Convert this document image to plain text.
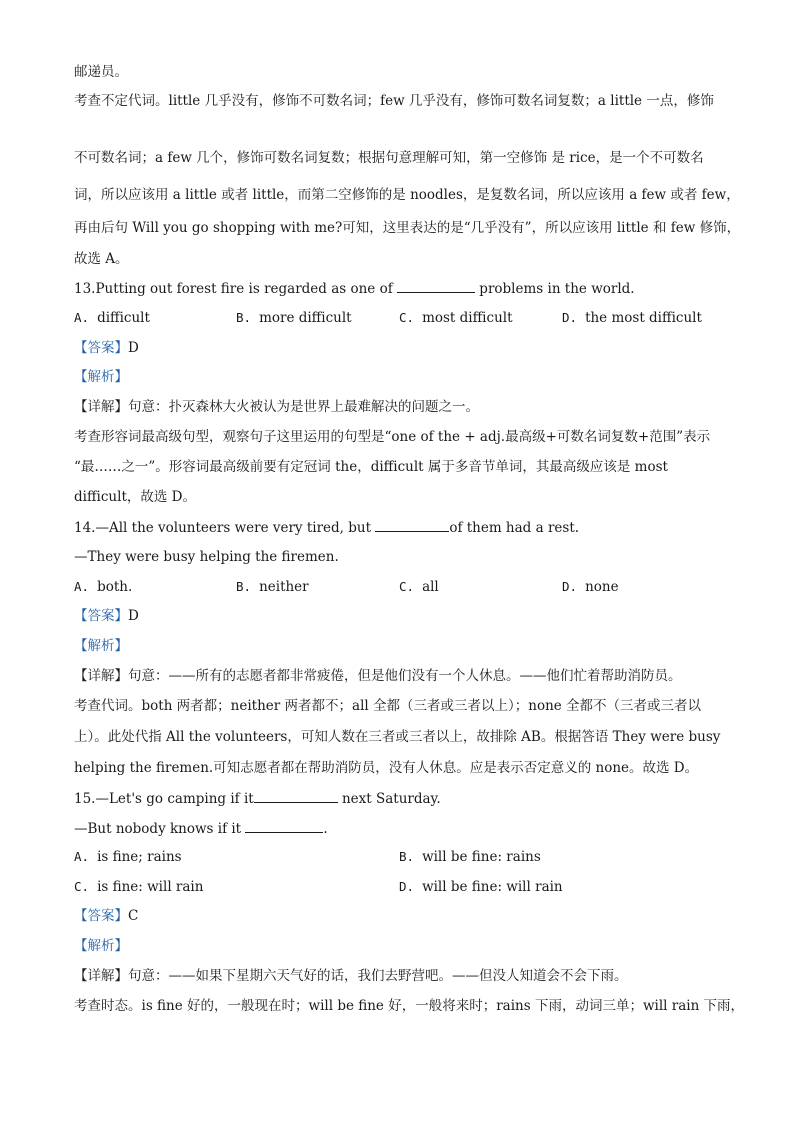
邮递员。
考查不定代词。little 几乎没有，修饰不可数名词；few 几乎没有，修饰可数名词复数；a little 一点，修饰
不可数名词；a few 几个，修饰可数名词复数；根据句意理解可知，第一空修饰 是 rice，是一个不可数名
词，所以应该用 a little 或者 little，而第二空修饰的是 noodles，是复数名词，所以应该用 a few 或者 few，
再由后句 Will you go shopping with me?可知，这里表达的是“几乎没有”，所以应该用 little 和 few 修饰，
故选 A。
13.Putting out forest fire is regarded as one of	problems in the world.
A. difficult	B. more difficult	C. most difficult	D. the most difficult
【答案】D
【解析】
【详解】句意：扑灭森林大火被认为是世界上最难解决的问题之一。
考查形容词最高级句型，观察句子这里运用的句型是“one of the + adj.最高级+可数名词复数+范围”表示
“最……之一”。形容词最高级前要有定冠词 the，difficult 属于多音节单词，其最高级应该是 most
difficult，故选 D。
14.—All the volunteers were very tired, but	of them had a rest.
—They were busy helping the firemen.
A. both.	B. neither	C. all	D. none
【答案】D
【解析】
【详解】句意：——所有的志愿者都非常疲倦，但是他们没有一个人休息。——他们忙着帮助消防员。
考查代词。both 两者都；neither 两者都不；all 全都（三者或三者以上）；none 全都不（三者或三者以
上）。此处代指 All the volunteers，可知人数在三者或三者以上，故排除 AB。根据答语 They were busy
helping the firemen.可知志愿者都在帮助消防员，没有人休息。应是表示否定意义的 none。故选 D。
15.—Let's go camping if it	next Saturday.
—But nobody knows if it	.
A. is fine; rains	B. will be fine: rains
C. is fine: will rain	D. will be fine: will rain
【答案】C
【解析】
【详解】句意：——如果下星期六天气好的话，我们去野营吧。——但没人知道会不会下雨。
考查时态。is fine 好的，一般现在时；will be fine 好，一般将来时；rains 下雨，动词三单；will rain 下雨，
